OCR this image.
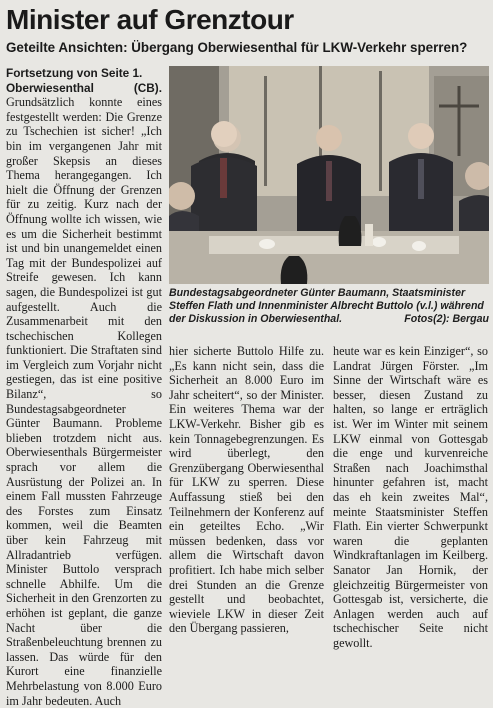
Minister auf Grenztour
Geteilte Ansichten: Übergang Oberwiesenthal für LKW-Verkehr sperren?

Fortsetzung von Seite 1.

Oberwiesenthal	(CB).

Grundsätzlich konnte eines festgestellt werden: Die Grenze zu Tschechien ist sicher! „Ich bin im vergangenen Jahr mit großer Skepsis an dieses Thema herangegangen. Ich hielt die Öffnung der Grenzen für zu zeitig. Kurz nach der Öffnung wollte ich wissen, wie es um die Sicherheit bestimmt ist und bin unangemeldet einen Tag mit der Bundespolizei auf Streife gewesen. Ich kann sagen, die Bundespolizei ist gut aufgestellt. Auch die Zusammenarbeit mit den tschechischen Kollegen funktioniert. Die Straftaten sind im Vergleich zum Vorjahr nicht gestiegen, das ist eine positive Bilanz“, so Bundestagsabgeordneter Günter Baumann. Probleme blieben trotzdem nicht aus. Oberwiesenthals Bürgermeister sprach vor allem die Ausrüstung der Polizei an. In einem Fall mussten Fahrzeuge des Forstes zum Einsatz kommen, weil die Beamten über kein Fahrzeug mit Allradantrieb verfügen. Minister Buttolo versprach schnelle Abhilfe. Um die Sicherheit in den Grenzorten zu erhöhen ist geplant, die ganze Nacht über die Straßenbeleuchtung brennen zu lassen. Das würde für den Kurort eine finanzielle Mehrbelastung von 8.000 Euro im Jahr bedeuten. Auch

Bundestagsabgeordneter Günter Baumann, Staatsminister Steffen Flath und Innenminister Albrecht Buttolo (v.l.) während der Diskussion in Oberwiesenthal.	Fotos(2): Bergau

hier sicherte Buttolo Hilfe zu. „Es kann nicht sein, dass die Sicherheit an 8.000 Euro im Jahr scheitert“, so der Minister. Ein weiteres Thema war der LKW-Verkehr. Bisher gib es kein Tonnagebegrenzungen. Es wird überlegt, den Grenzübergang Oberwiesenthal für LKW zu sperren. Diese Auffassung stieß bei den Teilnehmern der Konferenz auf ein geteiltes Echo. „Wir müssen bedenken, dass vor allem die Wirtschaft davon profitiert. Ich habe mich selber drei Stunden an die Grenze gestellt und beobachtet, wieviele LKW in dieser Zeit den Übergang passieren,

heute war es kein Einziger“, so Landrat Jürgen Förster. „Im Sinne der Wirtschaft wäre es besser, diesen Zustand zu halten, so lange er erträglich ist. Wer im Winter mit seinem LKW einmal von Gottesgab die enge und kurvenreiche Straßen nach Joachimsthal hinunter gefahren ist, macht das eh kein zweites Mal“, meinte Staatsminister Steffen Flath. Ein vierter Schwerpunkt waren die geplanten Windkraftanlagen im Keilberg. Sanator Jan Hornik, der gleichzeitig Bürgermeister von Gottesgab ist, versicherte, die Anlagen werden auch auf tschechischer Seite nicht gewollt.
